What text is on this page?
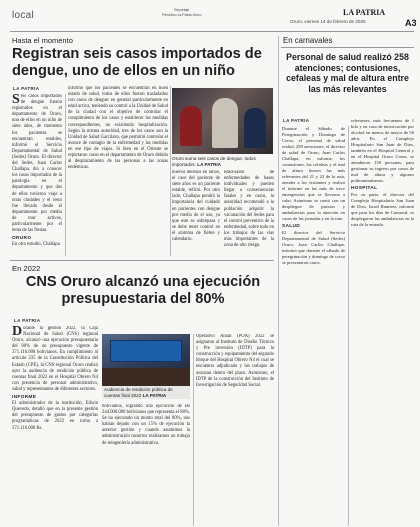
local	Reportaje
Periódico La Patria Oruro	LA PATRIA
Oruro, viernes 14 de febrero de 2025	A3
Hasta el momento
Registran seis casos importados de dengue, uno de ellos en un niño
LA PATRIA
Seis casos importados de dengue fueron registrados en el departamento de Oruro, uno de ellos en un niño de siete años, de momento los pacientes se encuentran estables, informó el Servicio Departamental de Salud (Sedes) Oruro. El director del Sedes, Juan Carlos Challapa, dio a conocer los casos importados de la patología en el departamento y que dos de ellos tuvieron viaje a otras ciudades y el resto fue llevado desde el departamento por medio de tour activos, particularmente por el tema de las fiestas.
ORURO
En otro estudio, Challapa
informó que los pacientes se encuentran en buen estado de salud, todos de ellos fueron trasladados con casos de dengue: en general particularmente en edad activa, teniendo su control a la Unidad de Salud de la ciudad con el objetivo de controlar el cumplimiento de los casos y establecer las medidas correspondientes, no existiendo hospitalización. Según la misma autoridad, tres de los casos son la Unidad de Salud Garcilazo, que permitió controlar el avance de contagio de la enfermedad y las medidas en ese tipo de viajes. Si bien en el Oriente se reportaron casos en el departamento de Oruro debido al desplazamiento de las personas a las zonas endémicas.
Oruro suma seis casos de dengue, todos importados. LA PATRIA
nuevos decesos en niños, el caso del paciente de siete años es un paciente estable, refirió. Por otro lado, Challapa pondrá la importancia del cuidado en pacientes con dengue por medio de el uso, ya que este se sobrepasa y se debe tener control en el síntoma de fiebre y calendario.
edad-salón de enfermedades de bases individuales y pueden llegar a consecuencias fatales y en casos, la autoridad recomendó a la población adquirir la vacunación del Sedes para el control preventivo de la enfermedad, sobre todo en los trabajos de las vías más importantes de la zona de alto riesgo.
En carnavales
Personal de salud realizó 258 atenciones; contusiones, cefaleas y mal de altura entre las más relevantes
LA PATRIA
Durante el Sábado de Peregrinación y Domingo de Corso, el personal de salud realizó 258 atenciones, el director de salud de Oruro, Juan Carlos Challapa, en informe, los contusiones, las cefaleas y el mal de altura fueron las más relevantes del 21 y 23 de la ruta, atender a los visitantes y realizó el informe en las más de trece emergencias que se llevaron a cabo. Asimismo se contó con un despliegue de puestos y ambulancias para la atención en casos de las jornadas y en la ruta.
SALUD
El director del Servicio Departamental de Salud (Sedes) Oruro, Juan Carlos Challapa, informó que durante el sábado de peregrinación y domingo de corso se presentaron casos.
relevantes, más frecuentes de 1 kilo y en caso de intoxicación por alcohol en menos de mayor de 56 años. En el Complejo Hospitalario San Juan de Dios, también en el Hospital General y en el Hospital Oruro Corea, se atendieron 150 personas, para gestionar su ingreso por casos de mal de altura y algunos politraumatismos.
HOSPITAL
Por su parte, el director del Complejo Hospitalario San Juan de Dios, Israel Ramírez, informó que para los días de Carnaval, se desplegaron las ambulancias en la ruta de la entrada.
En 2022
CNS Oruro alcanzó una ejecución presupuestaria del 80%
LA PATRIA
Durante la gestión 2022, la Caja Nacional de Salud (CNS) regional Oruro, alcanzó una ejecución presupuestaria del 80% de un presupuesto vigente de 371.116.000 bolivianos. En cumplimiento al artículo 235 de la Constitución Política del Estado (CPE), la CNS regional Oruro realizó ayer la audiencia de rendición pública de cuentas final 2022 en el Hospital Obrero N4 con presencia de personal administrativo, salud y representantes de diferentes sectores.
INFORME
El administrador de la institución, Edwin Quevedo, detalló que en la presente gestión del presupuesto de gastos por categorías programáticas de 2022 en torno a 371.116.000 Bs.
Audiencia de rendición pública de cuentas final 2022 LA PATRIA
bolivianos, logrando una ejecución de Bs 244.000.000 bolivianos que representa el 80%. Se ha ejecutado un monto total del 80%, nos habían dejado con un 15% de ejecución la anterior gestión y cuando asumimos la administración nosotros realizamos un trabajo de reingeniería administrativa.
Operativo Anual (POA) 2022 se asignaron al Instituto de Diseño Técnico y Pre inversión (IDTP) para la construcción y equipamiento del segundo bloque del Hospital Obrero N4 el cual se encuentra adjudicado y los trabajos de avanzan dentro del plazo. Asimismo, el IDTP de la construcción del Instituto de Investigación de Seguridad Social.
